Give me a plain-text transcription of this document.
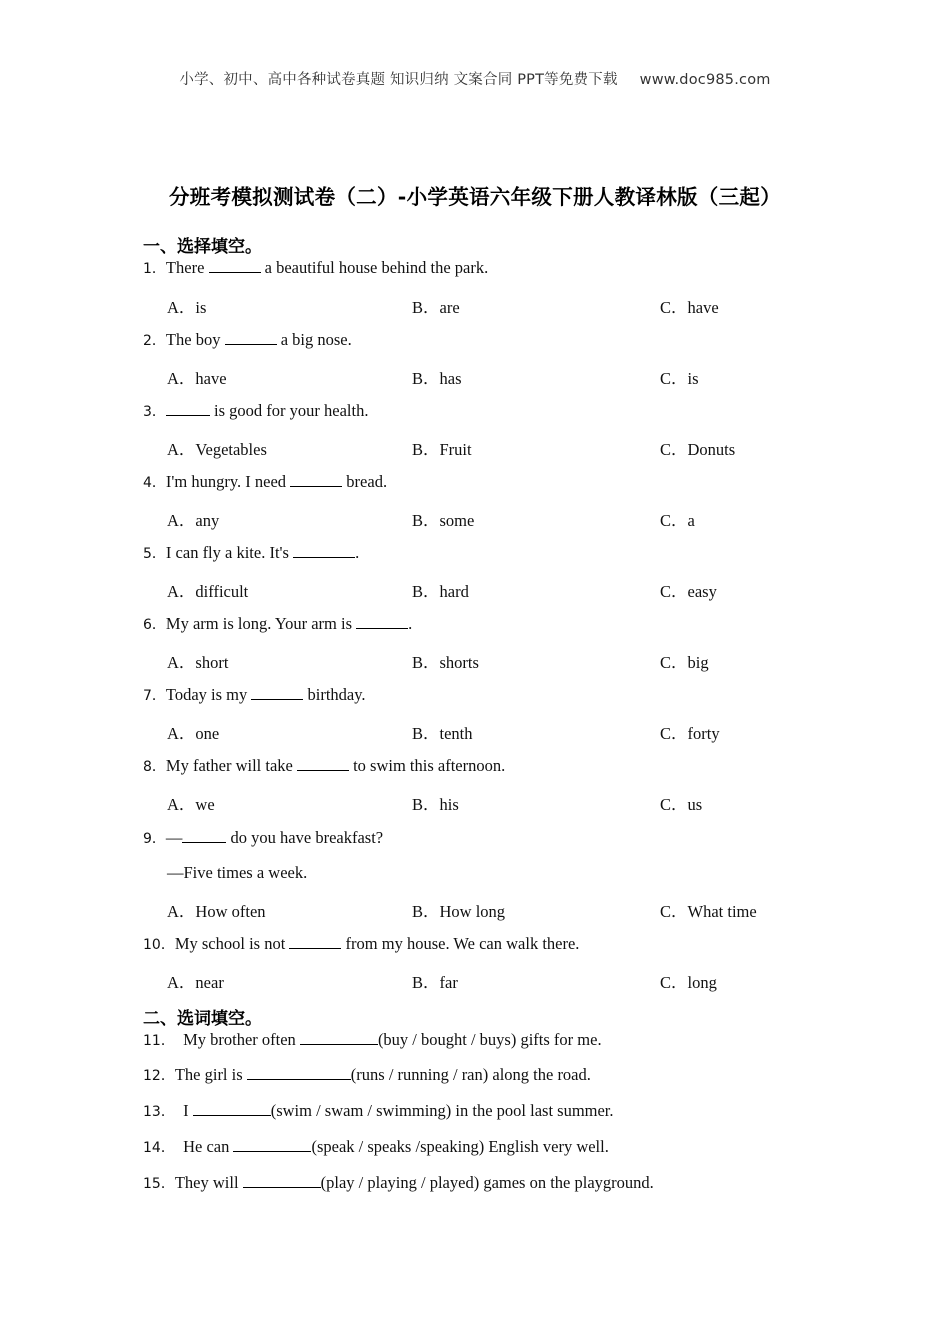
小学、初中、高中各种试卷真题 知识归纳 文案合同 PPT等免费下载 www.doc985.com
分班考模拟测试卷（二）-小学英语六年级下册人教译林版（三起）
一、选择填空。
1．There	a beautiful house behind the park.
A．is	B．are	C．have
2．The boy	a big nose.
A．have	B．has	C．is
3．	is good for your health.
A．Vegetables	B．Fruit	C．Donuts
4．I'm hungry. I need	bread.
A．any	B．some	C．a
5．I can fly a kite. It's	.
A．difficult	B．hard	C．easy
6．My arm is long. Your arm is	.
A．short	B．shorts	C．big
7．Today is my	birthday.
A．one	B．tenth	C．forty
8．My father will take	to swim this afternoon.
A．we	B．his	C．us
9．—	do you have breakfast?
—Five times a week.
A．How often	B．How long	C．What time
10．My school is not	from my house. We can walk there.
A．near	B．far	C．long
二、选词填空。
11． My brother often	(buy / bought / buys) gifts for me.
12．The girl is	(runs / running / ran) along the road.
13． I	(swim / swam / swimming) in the pool last summer.
14． He can	(speak / speaks /speaking) English very well.
15．They will	(play / playing / played) games on the playground.
